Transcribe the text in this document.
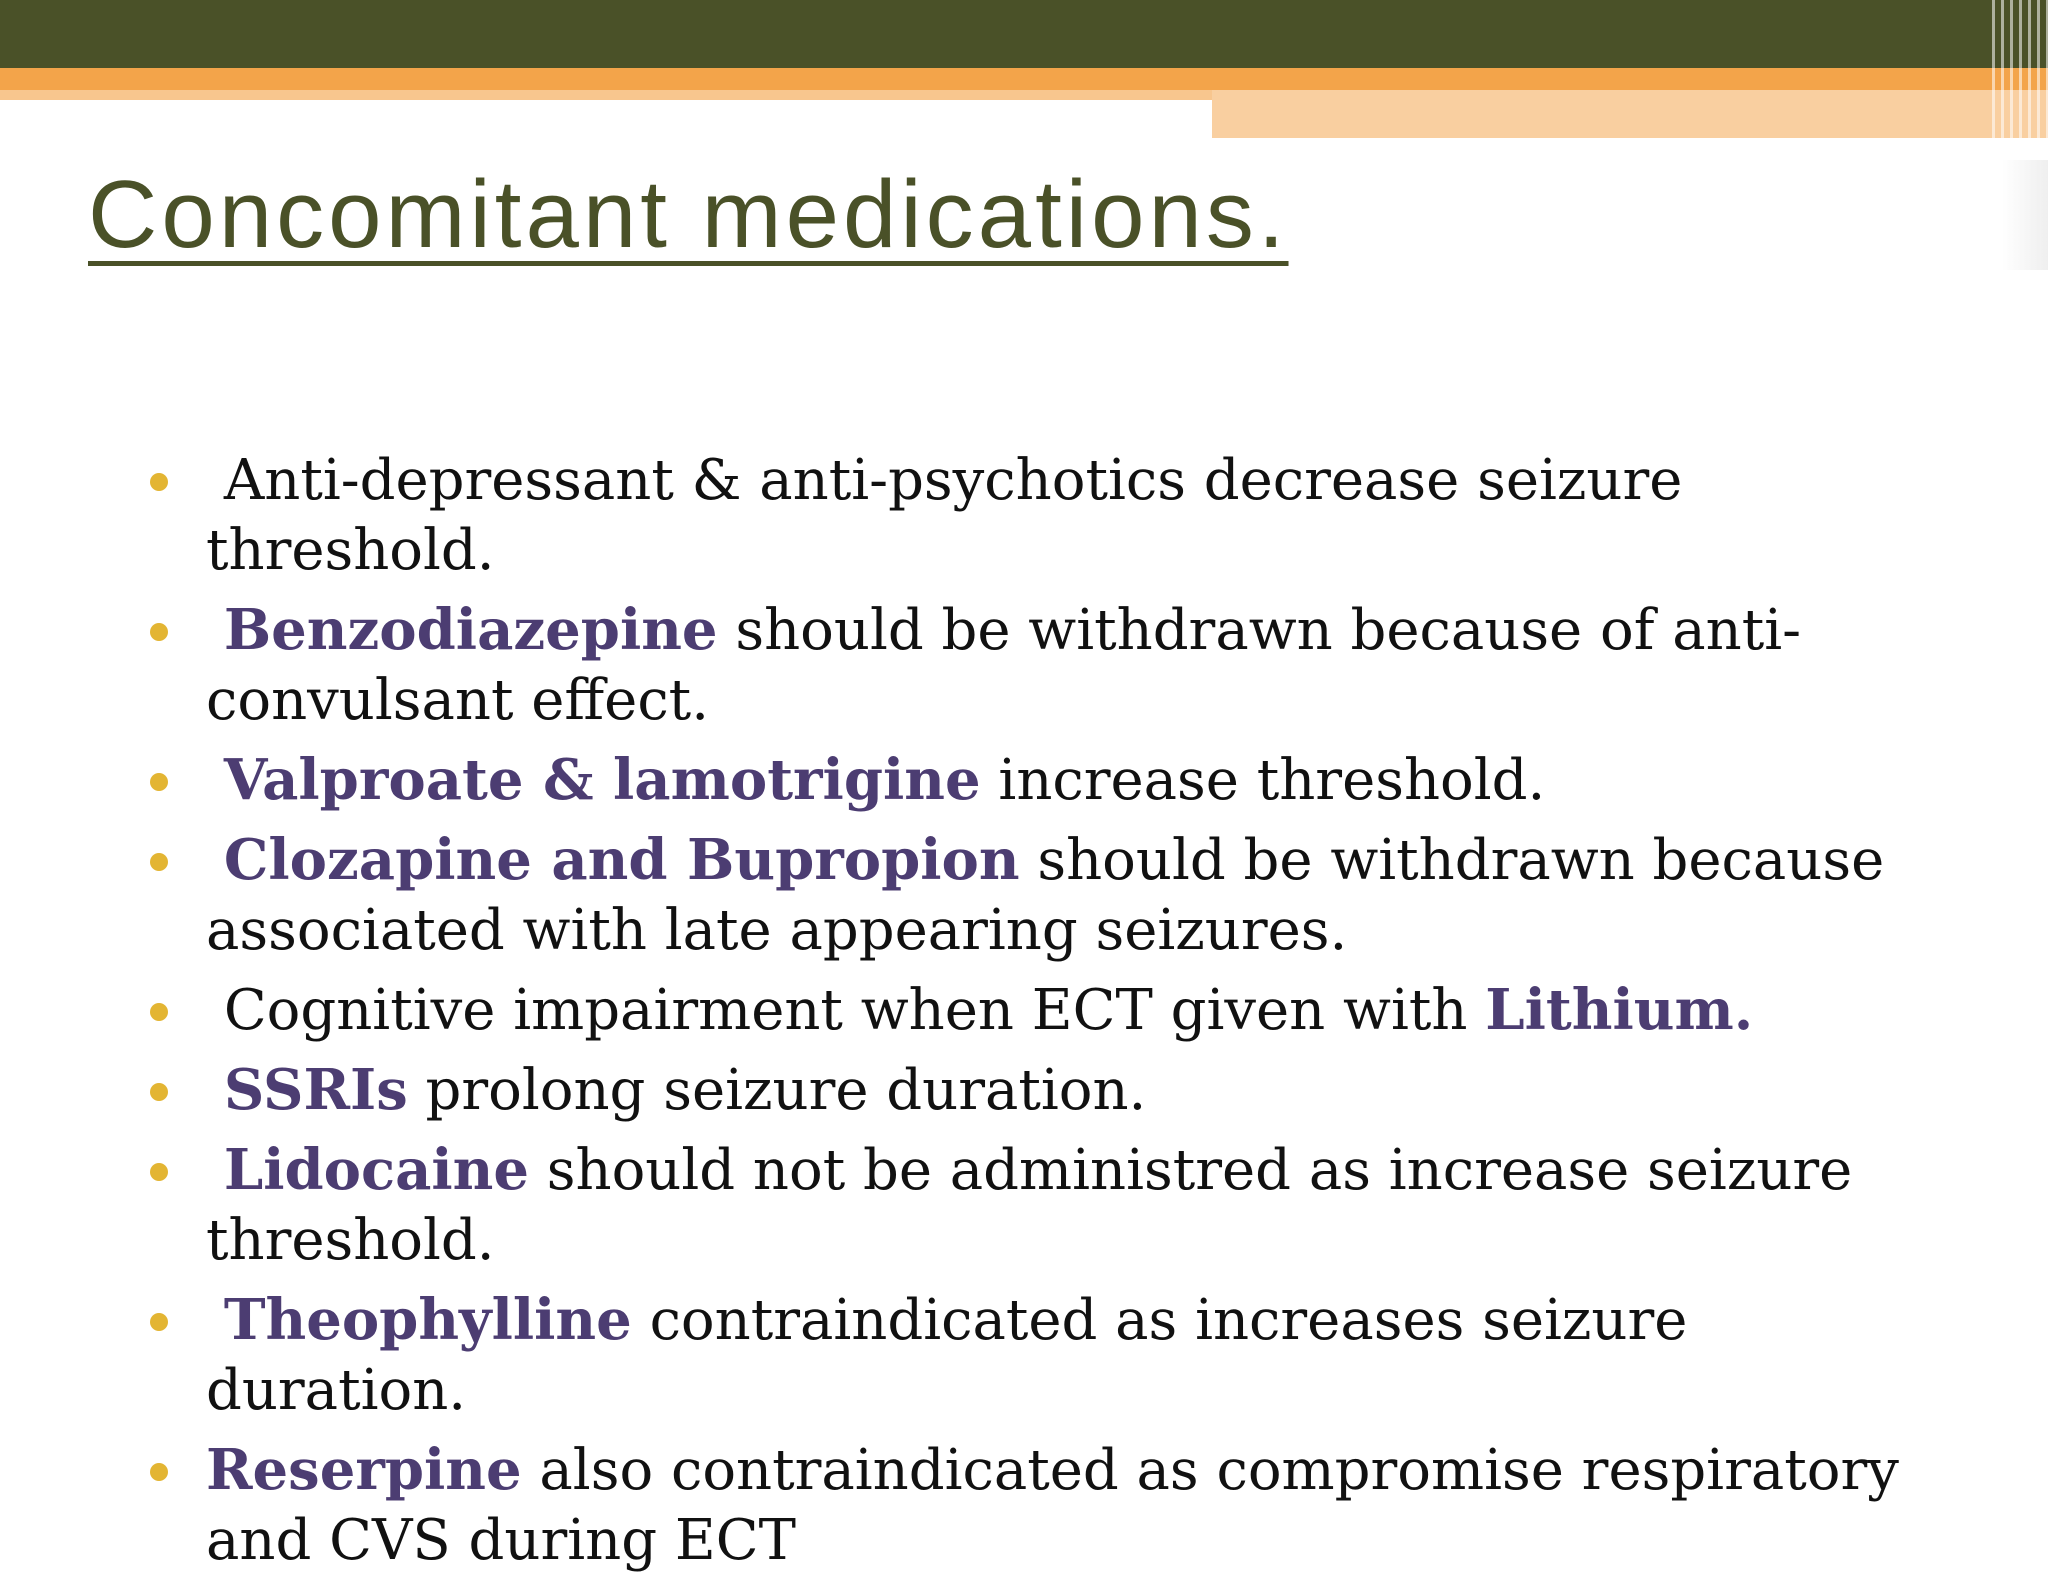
Concomitant medications.
Anti-depressant & anti-psychotics decrease seizure threshold.
Benzodiazepine should be withdrawn because of anti-convulsant effect.
Valproate & lamotrigine increase threshold.
Clozapine and Bupropion should be withdrawn because associated with late appearing seizures.
Cognitive impairment when ECT given with Lithium.
SSRIs prolong seizure duration.
Lidocaine should not be administred as increase seizure threshold.
Theophylline contraindicated as increases seizure duration.
Reserpine also contraindicated as compromise respiratory and CVS during ECT
